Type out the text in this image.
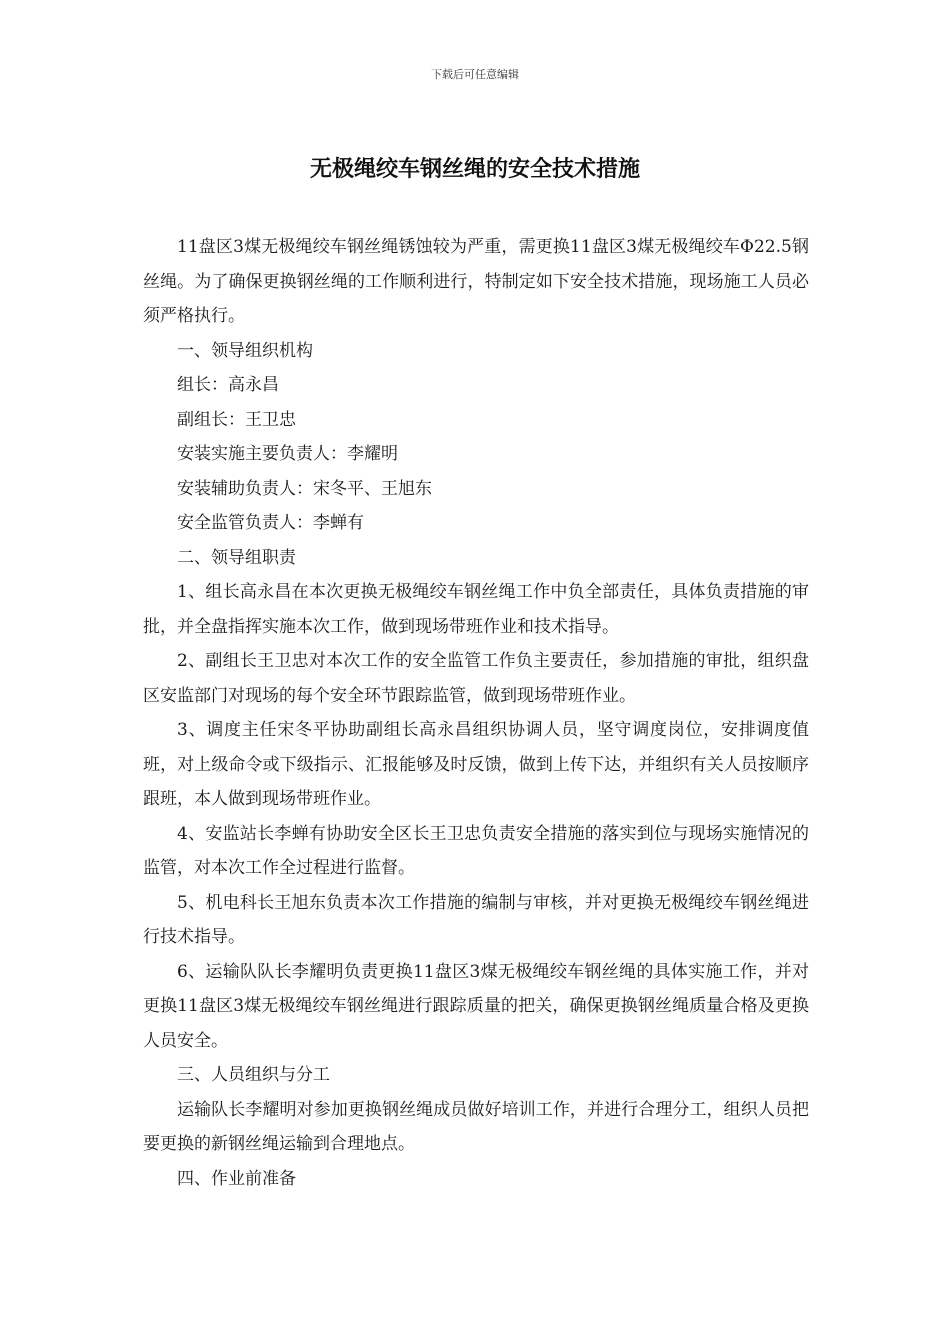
下载后可任意编辑
无极绳绞车钢丝绳的安全技术措施

11盘区3煤无极绳绞车钢丝绳锈蚀较为严重，需更换11盘区3煤无极绳绞车Φ22.5钢丝绳。为了确保更换钢丝绳的工作顺利进行，特制定如下安全技术措施，现场施工人员必须严格执行。

一、领导组织机构

组长：高永昌

副组长：王卫忠

安装实施主要负责人：李耀明

安装辅助负责人：宋冬平、王旭东

安全监管负责人：李蝉有

二、领导组职责

1、组长高永昌在本次更换无极绳绞车钢丝绳工作中负全部责任，具体负责措施的审批，并全盘指挥实施本次工作，做到现场带班作业和技术指导。

2、副组长王卫忠对本次工作的安全监管工作负主要责任，参加措施的审批，组织盘区安监部门对现场的每个安全环节跟踪监管，做到现场带班作业。

3、调度主任宋冬平协助副组长高永昌组织协调人员，坚守调度岗位，安排调度值班，对上级命令或下级指示、汇报能够及时反馈，做到上传下达，并组织有关人员按顺序跟班，本人做到现场带班作业。

4、安监站长李蝉有协助安全区长王卫忠负责安全措施的落实到位与现场实施情况的监管，对本次工作全过程进行监督。

5、机电科长王旭东负责本次工作措施的编制与审核，并对更换无极绳绞车钢丝绳进行技术指导。

6、运输队队长李耀明负责更换11盘区3煤无极绳绞车钢丝绳的具体实施工作，并对更换11盘区3煤无极绳绞车钢丝绳进行跟踪质量的把关，确保更换钢丝绳质量合格及更换人员安全。

三、人员组织与分工

运输队长李耀明对参加更换钢丝绳成员做好培训工作，并进行合理分工，组织人员把要更换的新钢丝绳运输到合理地点。

四、作业前准备
